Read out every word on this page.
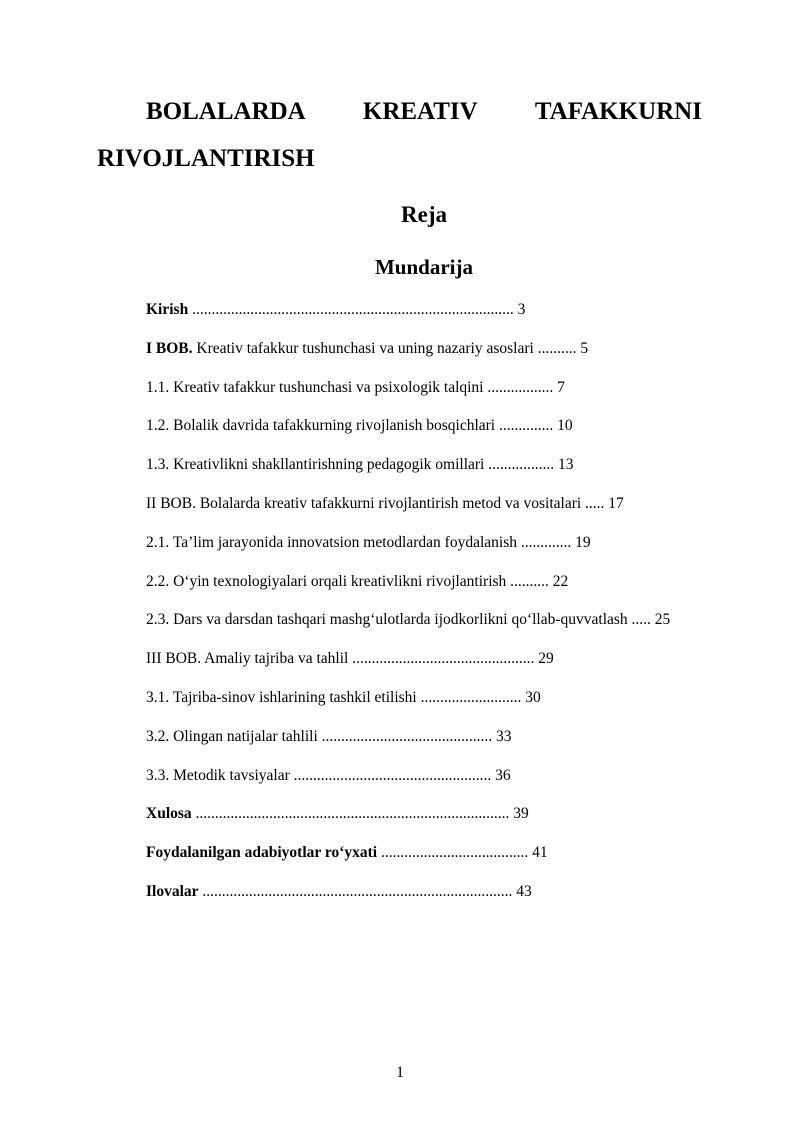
BOLALARDA KREATIV TAFAKKURNI
RIVOJLANTIRISH
Reja
Mundarija
Kirish ................................................................................... 3
I BOB. Kreativ tafakkur tushunchasi va uning nazariy asoslari .......... 5
1.1. Kreativ tafakkur tushunchasi va psixologik talqini ................. 7
1.2. Bolalik davrida tafakkurning rivojlanish bosqichlari .............. 10
1.3. Kreativlikni shakllantirishning pedagogik omillari ................. 13
II BOB. Bolalarda kreativ tafakkurni rivojlantirish metod va vositalari ..... 17
2.1. Ta’lim jarayonida innovatsion metodlardan foydalanish ............. 19
2.2. O‘yin texnologiyalari orqali kreativlikni rivojlantirish .......... 22
2.3. Dars va darsdan tashqari mashg‘ulotlarda ijodkorlikni qo‘llab-quvvatlash ..... 25
III BOB. Amaliy tajriba va tahlil ............................................... 29
3.1. Tajriba-sinov ishlarining tashkil etilishi .......................... 30
3.2. Olingan natijalar tahlili ............................................ 33
3.3. Metodik tavsiyalar ................................................... 36
Xulosa ................................................................................. 39
Foydalanilgan adabiyotlar ro‘yxati ...................................... 41
Ilovalar ................................................................................ 43
1
